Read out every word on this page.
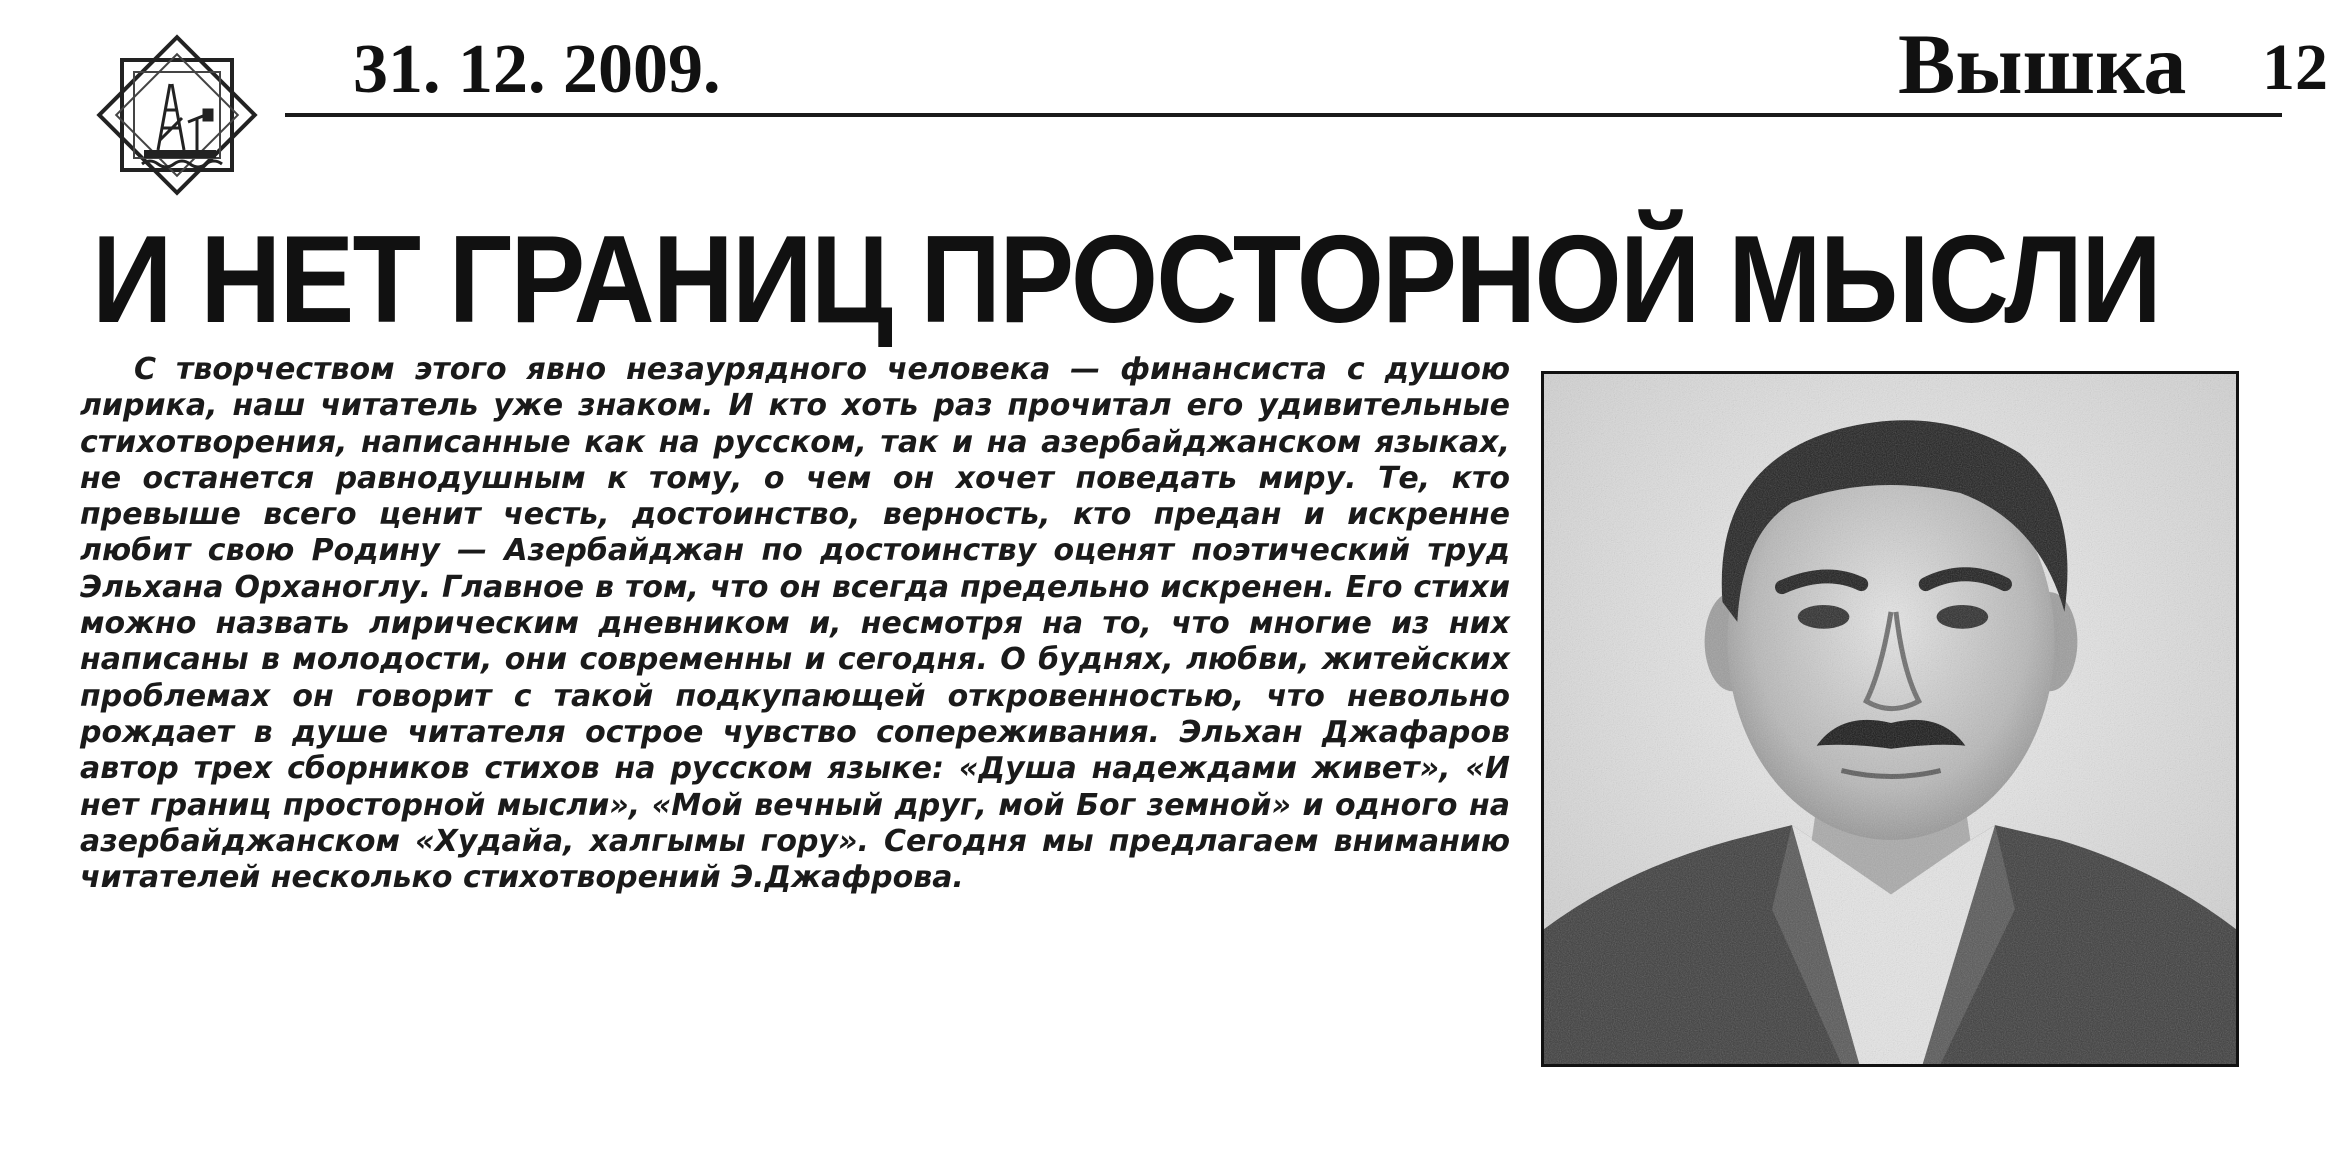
31. 12. 2009.	Вышка 12
И НЕТ ГРАНИЦ ПРОСТОРНОЙ МЫСЛИ

С творчеством этого явно незаурядного человека — финансиста с душою лирика, наш читатель уже знаком. И кто хоть раз прочитал его удивительные стихотворения, написанные как на русском, так и на азербайджанском языках, не останется равнодушным к тому, о чем он хочет поведать миру. Те, кто превыше всего ценит честь, достоинство, верность, кто предан и искренне любит свою Родину — Азербайджан по достоинству оценят поэтический труд Эльхана Орханоглу. Главное в том, что он всегда предельно искренен. Его стихи можно назвать лирическим дневником и, несмотря на то, что многие из них написаны в молодости, они современны и сегодня. О буднях, любви, житейских проблемах он говорит с такой подкупающей откровенностью, что невольно рождает в душе читателя острое чувство сопереживания. Эльхан Джафаров автор трех сборников стихов на русском языке: «Душа надеждами живет», «И нет границ просторной мысли», «Мой вечный друг, мой Бог земной» и одного на азербайджанском «Худайа, халгымы гору». Сегодня мы предлагаем вниманию читателей несколько стихотворений Э.Джафрова.
